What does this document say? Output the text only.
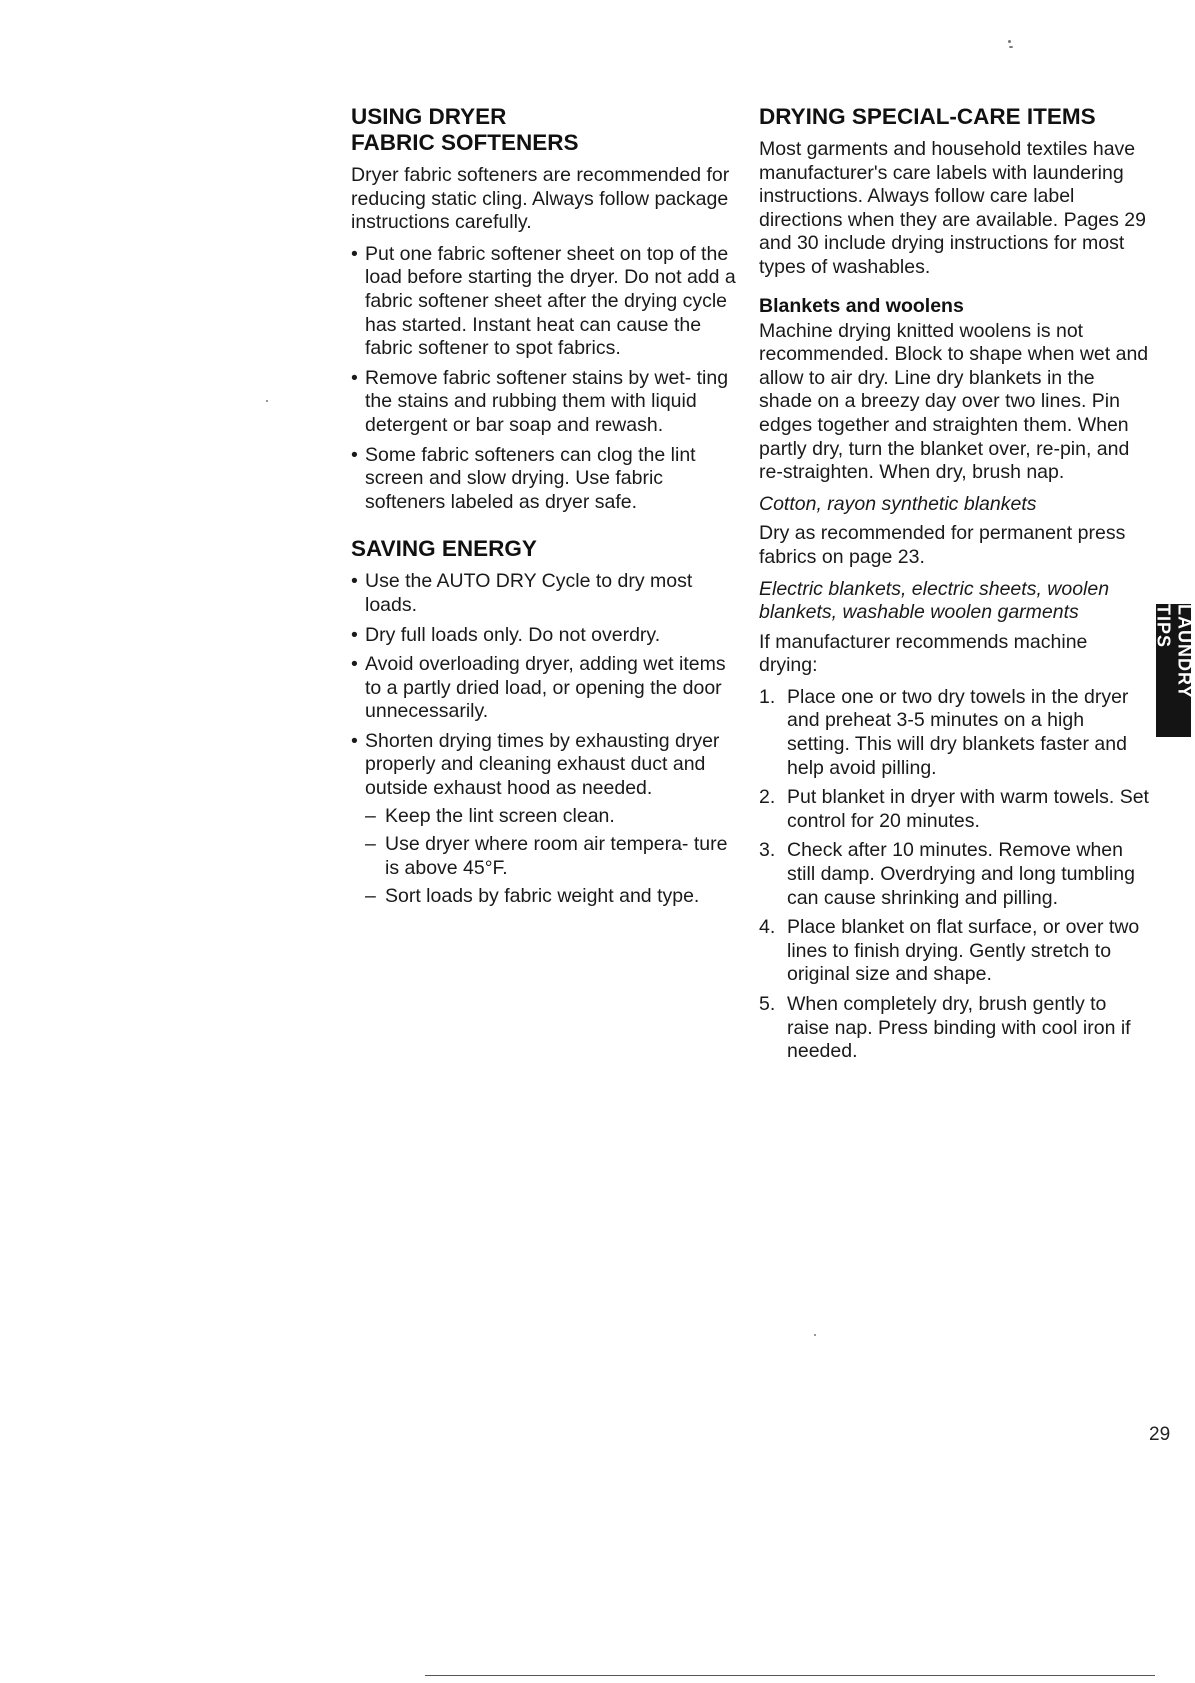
USING DRYER
FABRIC SOFTENERS

Dryer fabric softeners are recommended for reducing static cling. Always follow package instructions carefully.

• Put one fabric softener sheet on top of the load before starting the dryer. Do not add a fabric softener sheet after the drying cycle has started. Instant heat can cause the fabric softener to spot fabrics.
• Remove fabric softener stains by wet- ting the stains and rubbing them with liquid detergent or bar soap and rewash.
• Some fabric softeners can clog the lint screen and slow drying. Use fabric softeners labeled as dryer safe.
SAVING ENERGY
• Use the AUTO DRY Cycle to dry most loads.
• Dry full loads only. Do not overdry.
• Avoid overloading dryer, adding wet items to a partly dried load, or opening the door unnecessarily.
• Shorten drying times by exhausting dryer properly and cleaning exhaust duct and outside exhaust hood as needed.
– Keep the lint screen clean.
– Use dryer where room air tempera- ture is above 45°F.
– Sort loads by fabric weight and type.
DRYING SPECIAL-CARE ITEMS

Most garments and household textiles have manufacturer's care labels with laundering instructions. Always follow care label directions when they are available. Pages 29 and 30 include drying instructions for most types of washables.

Blankets and woolens

Machine drying knitted woolens is not recommended. Block to shape when wet and allow to air dry. Line dry blankets in the shade on a breezy day over two lines. Pin edges together and straighten them. When partly dry, turn the blanket over, re-pin, and re-straighten. When dry, brush nap.

Cotton, rayon synthetic blankets

Dry as recommended for permanent press fabrics on page 23.

Electric blankets, electric sheets, woolen blankets, washable woolen garments

If manufacturer recommends machine drying:

1. Place one or two dry towels in the dryer and preheat 3-5 minutes on a high setting. This will dry blankets faster and help avoid pilling.
2. Put blanket in dryer with warm towels. Set control for 20 minutes.
3. Check after 10 minutes. Remove when still damp. Overdrying and long tumbling can cause shrinking and pilling.
4. Place blanket on flat surface, or over two lines to finish drying. Gently stretch to original size and shape.
5. When completely dry, brush gently to raise nap. Press binding with cool iron if needed.
LAUNDRY TIPS
29
